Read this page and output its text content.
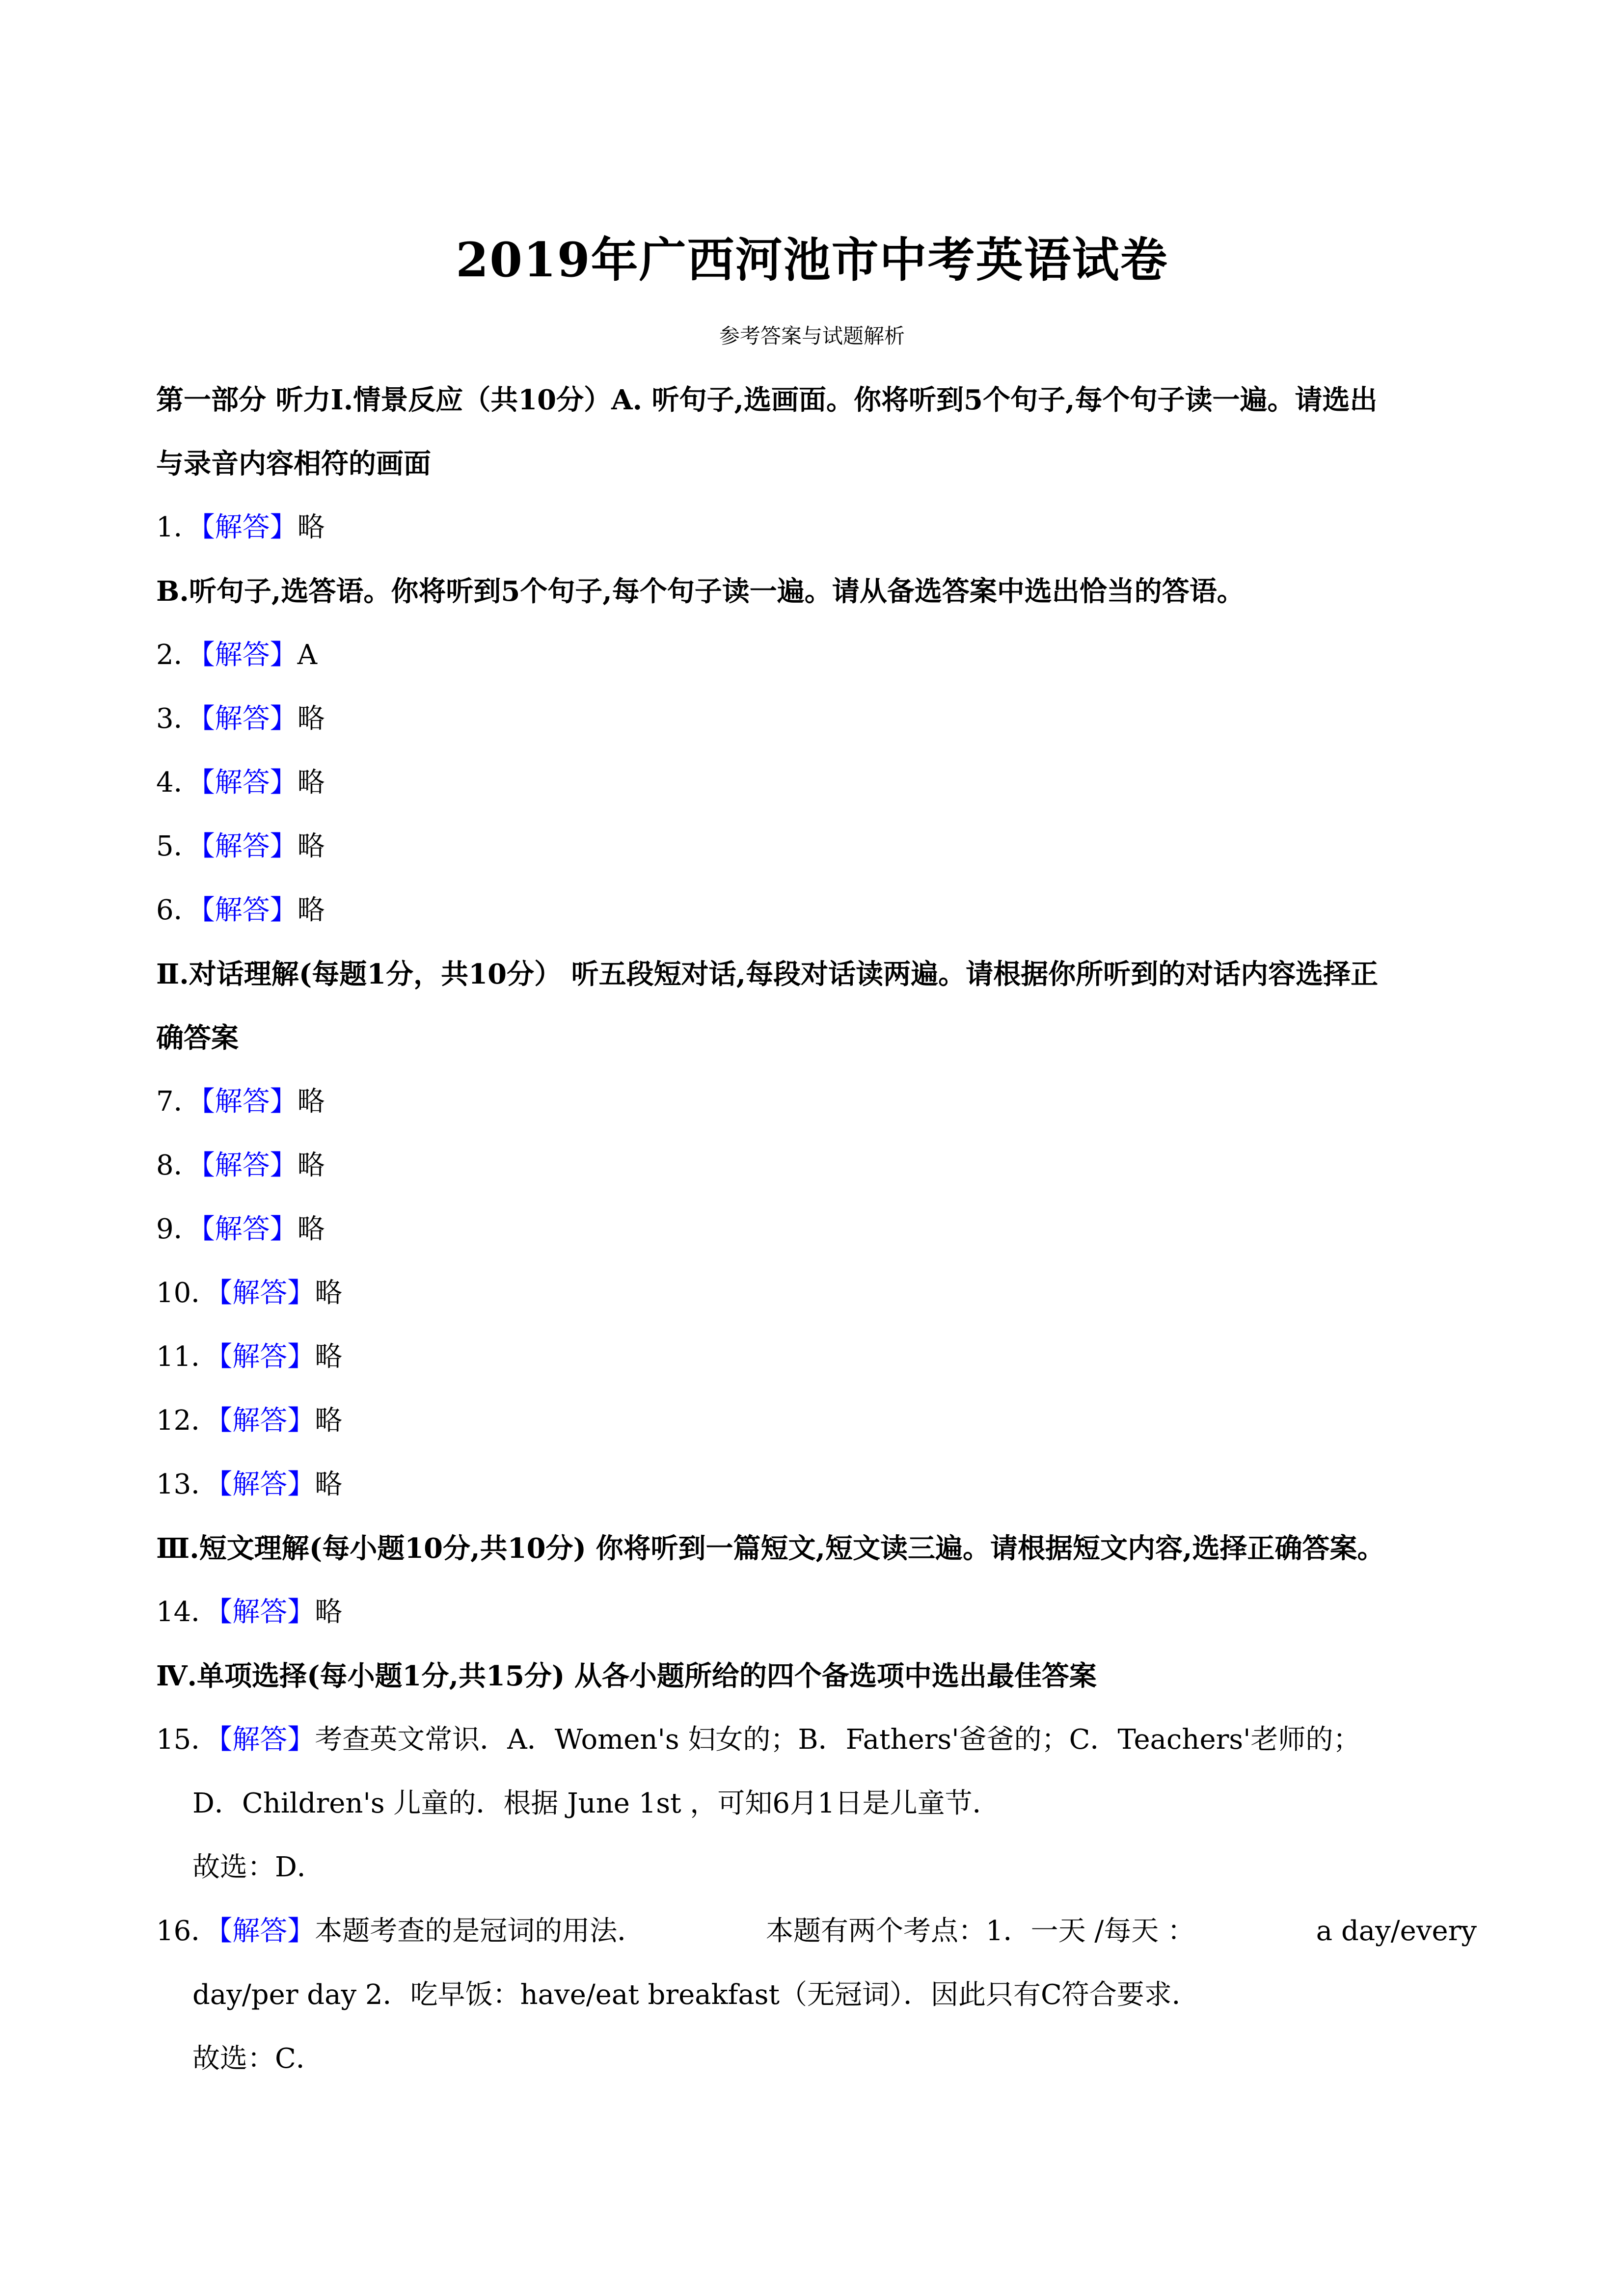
2019年广西河池市中考英语试卷
参考答案与试题解析
第一部分 听力Ⅰ.情景反应（共10分）A. 听句子,选画面。你将听到5个句子,每个句子读一遍。请选出
与录音内容相符的画面
1．【解答】略
B.听句子,选答语。你将听到5个句子,每个句子读一遍。请从备选答案中选出恰当的答语。
2．【解答】A
3．【解答】略
4．【解答】略
5．【解答】略
6．【解答】略
Ⅱ.对话理解(每题1分，共10分） 听五段短对话,每段对话读两遍。请根据你所听到的对话内容选择正
确答案
7．【解答】略
8．【解答】略
9．【解答】略
10．【解答】略
11．【解答】略
12．【解答】略
13．【解答】略
Ⅲ.短文理解(每小题10分,共10分) 你将听到一篇短文,短文读三遍。请根据短文内容,选择正确答案。
14．【解答】略
Ⅳ.单项选择(每小题1分,共15分) 从各小题所给的四个备选项中选出最佳答案
15．【解答】考查英文常识．A．Women's 妇女的；B．Fathers'爸爸的；C．Teachers'老师的；
D．Children's 儿童的．根据 June 1st ，可知6月1日是儿童节．
故选：D．
16．【解答】本题考查的是冠词的用法．	本题有两个考点：1．一天 /每天 ：	a day/every
day/per day 2．吃早饭：have/eat breakfast（无冠词）．因此只有C符合要求．
故选：C．
